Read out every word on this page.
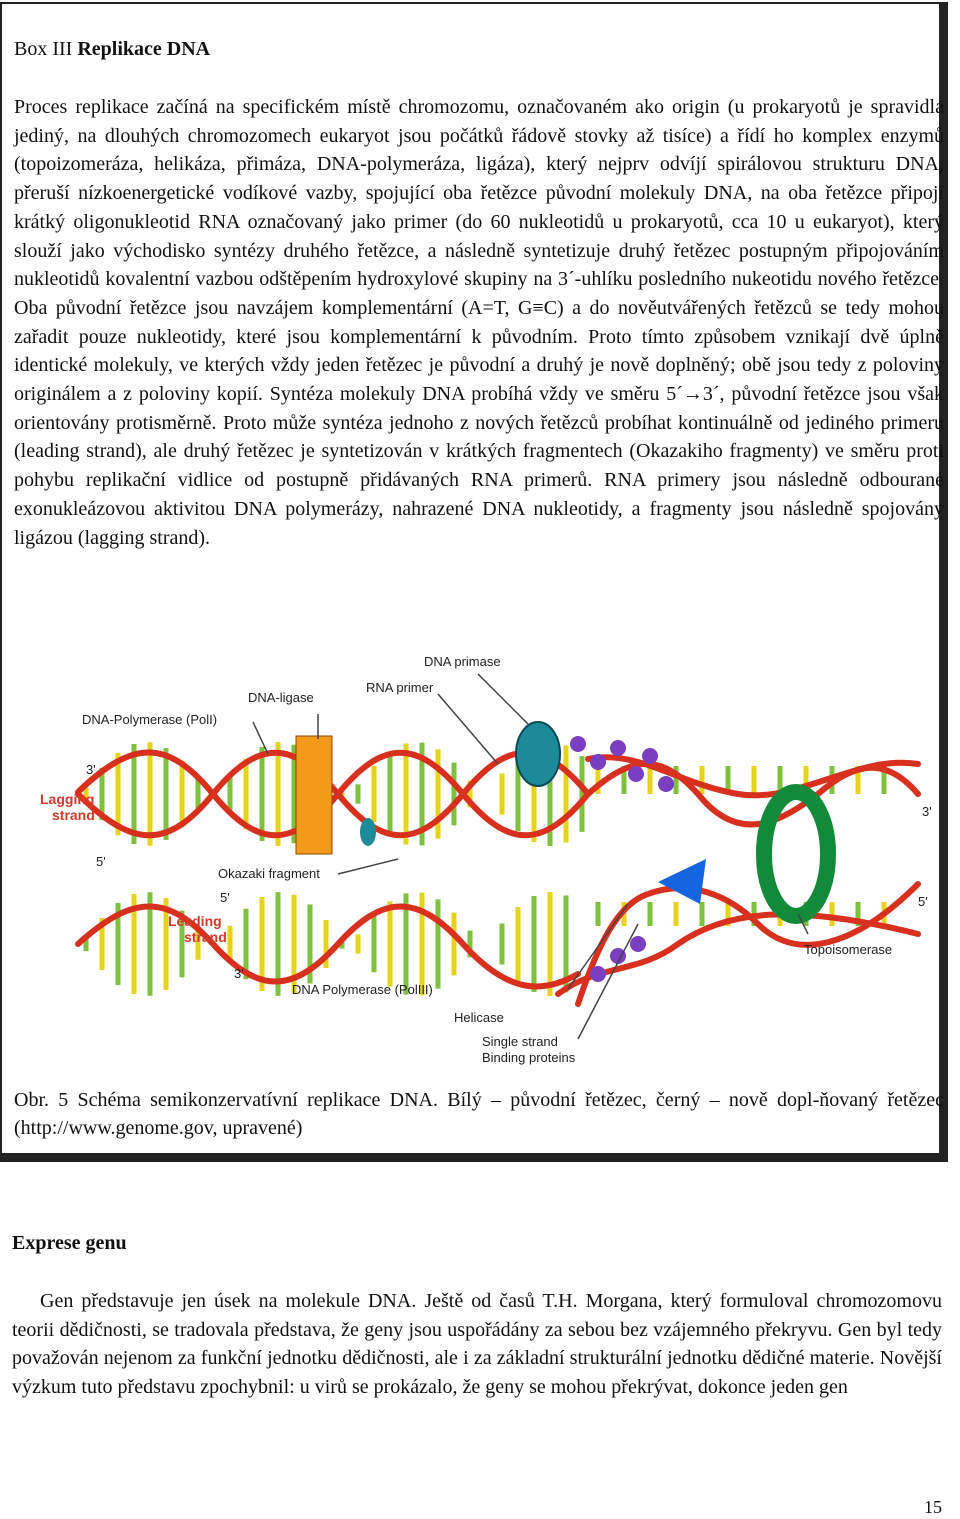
Box III Replikace DNA
Proces replikace začíná na specifickém místě chromozomu, označovaném ako origin (u prokaryotů je spravidla jediný, na dlouhých chromozomech eukaryot jsou počátků řádově stovky až tisíce) a řídí ho komplex enzymů (topoizomeráza, helikáza, přimáza, DNA-polymeráza, ligáza), který nejprv odvíjí spirálovou strukturu DNA, přeruší nízkoenergetické vodíkové vazby, spojující oba řetězce původní molekuly DNA, na oba řetězce připojí krátký oligonukleotid RNA označovaný jako primer (do 60 nukleotidů u prokaryotů, cca 10 u eukaryot), který slouží jako východisko syntézy druhého řetězce, a následně syntetizuje druhý řetězec postupným připojováním nukleotidů kovalentní vazbou odštěpením hydroxylové skupiny na 3´-uhlíku posledního nukeotidu nového řetězce. Oba původní řetězce jsou navzájem komplementární (A=T, G≡C) a do nověutvářených řetězců se tedy mohou zařadit pouze nukleotidy, které jsou komplementární k původním. Proto tímto způsobem vznikají dvě úplně identické molekuly, ve kterých vždy jeden řetězec je původní a druhý je nově doplněný; obě jsou tedy z poloviny originálem a z poloviny kopií. Syntéza molekuly DNA probíhá vždy ve směru 5´→3´, původní řetězce jsou však orientovány protisměrně. Proto může syntéza jednoho z nových řetězců probíhat kontinuálně od jediného primeru (leading strand), ale druhý řetězec je syntetizován v krátkých fragmentech (Okazakiho fragmenty) ve směru proti pohybu replikační vidlice od postupně přidávaných RNA primerů. RNA primery jsou následně odbourané exonukleázovou aktivitou DNA polymerázy, nahrazené DNA nukleotidy, a fragmenty jsou následně spojovány ligázou (lagging strand).
DNA primase
RNA primer
DNA-ligase
DNA-Polymerase (PolI)
3'
Lagging
strand
5'
Okazaki fragment
5'
Leading
strand
3'
DNA Polymerase (PolIII)
Helicase
Single strand
Binding proteins
Topoisomerase
3'
5'
Obr. 5 Schéma semikonzervatívní replikace DNA. Bílý – původní řetězec, černý – nově dopl-ňovaný řetězec (http://www.genome.gov, upravené)
Exprese genu
Gen představuje jen úsek na molekule DNA. Ještě od časů T.H. Morgana, který formuloval chromozomovu teorii dědičnosti, se tradovala představa, že geny jsou uspořádány za sebou bez vzájemného překryvu. Gen byl tedy považován nejenom za funkční jednotku dědičnosti, ale i za základní strukturální jednotku dědičné materie. Novější výzkum tuto představu zpochybnil: u virů se prokázalo, že geny se mohou překrývat, dokonce jeden gen
15
